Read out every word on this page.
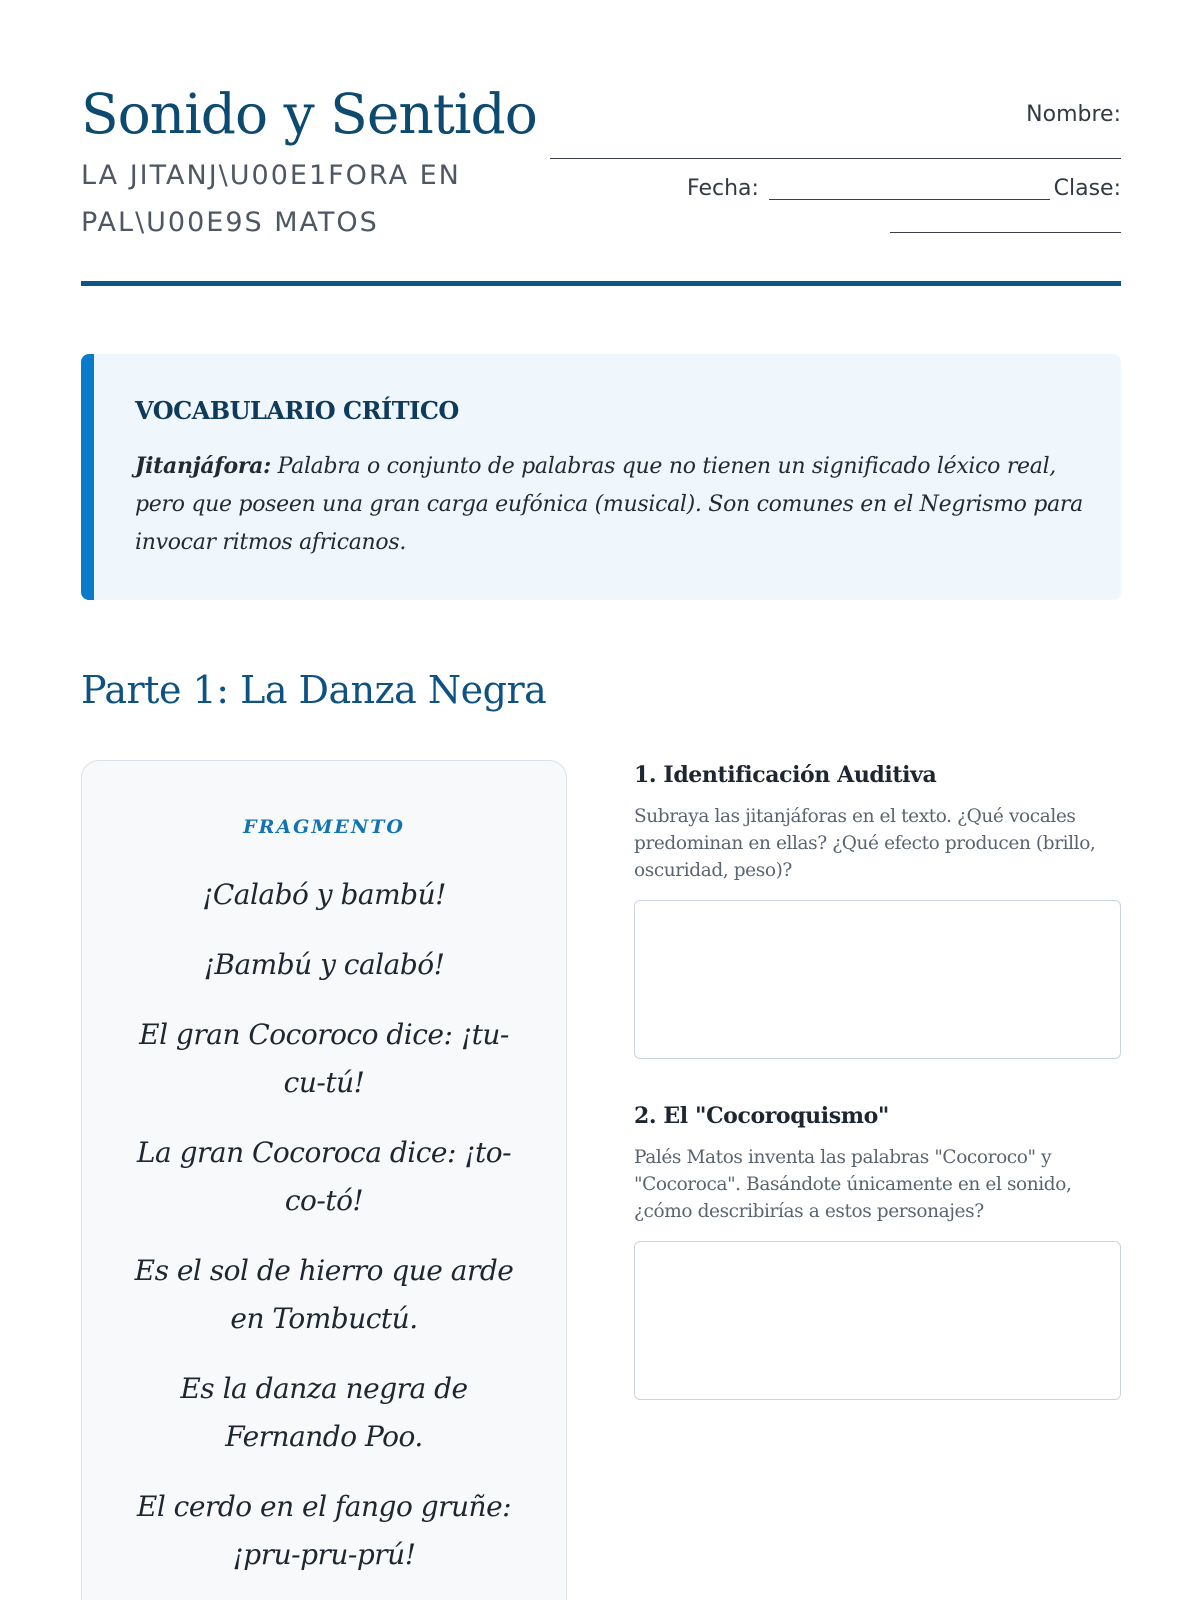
Sonido y Sentido
LA JITANJ\U00E1FORA EN PAL\U00E9S MATOS
Nombre:
Fecha:	Clase:
VOCABULARIO CRÍTICO
Jitanjáfora: Palabra o conjunto de palabras que no tienen un significado léxico real, pero que poseen una gran carga eufónica (musical). Son comunes en el Negrismo para invocar ritmos africanos.
Parte 1: La Danza Negra
FRAGMENTO

¡Calabó y bambú!

¡Bambú y calabó!

El gran Cocoroco dice: ¡tu-cu-tú!

La gran Cocoroca dice: ¡to-co-tó!

Es el sol de hierro que arde en Tombuctú.

Es la danza negra de Fernando Poo.

El cerdo en el fango gruñe: ¡pru-pru-prú!

1. Identificación Auditiva
Subraya las jitanjáforas en el texto. ¿Qué vocales predominan en ellas? ¿Qué efecto producen (brillo, oscuridad, peso)?
2. El "Cocoroquismo"
Palés Matos inventa las palabras "Cocoroco" y "Cocoroca". Basándote únicamente en el sonido, ¿cómo describirías a estos personajes?
